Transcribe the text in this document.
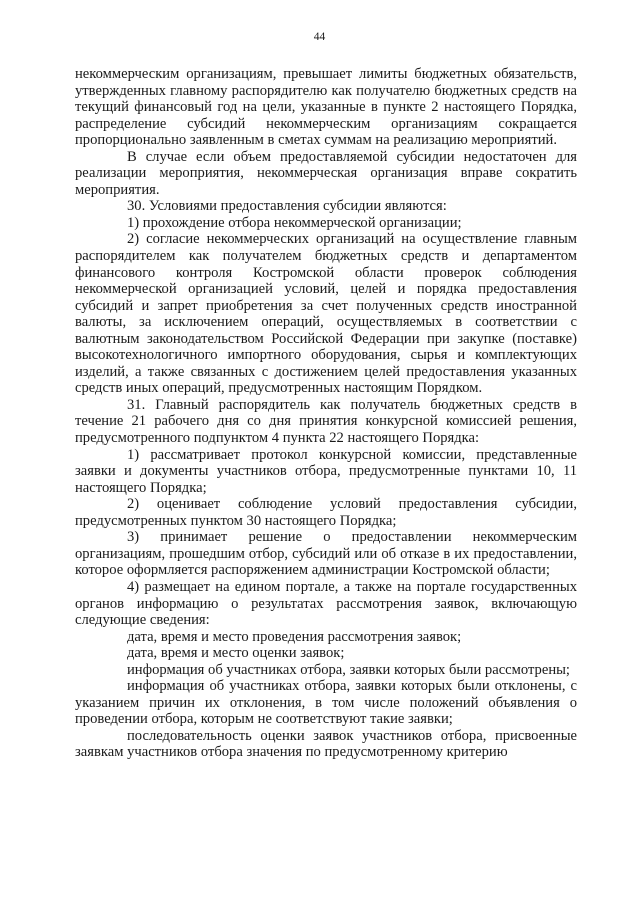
44

некоммерческим организациям, превышает лимиты бюджетных обязательств, утвержденных главному распорядителю как получателю бюджетных средств на текущий финансовый год на цели, указанные в пункте 2 настоящего Порядка, распределение субсидий некоммерческим организациям сокращается пропорционально заявленным в сметах суммам на реализацию мероприятий.

В случае если объем предоставляемой субсидии недостаточен для реализации мероприятия, некоммерческая организация вправе сократить мероприятия.

30. Условиями предоставления субсидии являются:

1) прохождение отбора некоммерческой организации;

2) согласие некоммерческих организаций на осуществление главным распорядителем как получателем бюджетных средств и департаментом финансового контроля Костромской области проверок соблюдения некоммерческой организацией условий, целей и порядка предоставления субсидий и запрет приобретения за счет полученных средств иностранной валюты, за исключением операций, осуществляемых в соответствии с валютным законодательством Российской Федерации при закупке (поставке) высокотехнологичного импортного оборудования, сырья и комплектующих изделий, а также связанных с достижением целей предоставления указанных средств иных операций, предусмотренных настоящим Порядком.

31. Главный распорядитель как получатель бюджетных средств в течение 21 рабочего дня со дня принятия конкурсной комиссией решения, предусмотренного подпунктом 4 пункта 22 настоящего Порядка:

1) рассматривает протокол конкурсной комиссии, представленные заявки и документы участников отбора, предусмотренные пунктами 10, 11 настоящего Порядка;

2) оценивает соблюдение условий предоставления субсидии, предусмотренных пунктом 30 настоящего Порядка;

3) принимает решение о предоставлении некоммерческим организациям, прошедшим отбор, субсидий или об отказе в их предоставлении, которое оформляется распоряжением администрации Костромской области;

4) размещает на едином портале, а также на портале государственных органов информацию о результатах рассмотрения заявок, включающую следующие сведения:

дата, время и место проведения рассмотрения заявок;

дата, время и место оценки заявок;

информация об участниках отбора, заявки которых были рассмотрены;

информация об участниках отбора, заявки которых были отклонены, с указанием причин их отклонения, в том числе положений объявления о проведении отбора, которым не соответствуют такие заявки;

последовательность оценки заявок участников отбора, присвоенные заявкам участников отбора значения по предусмотренному критерию
